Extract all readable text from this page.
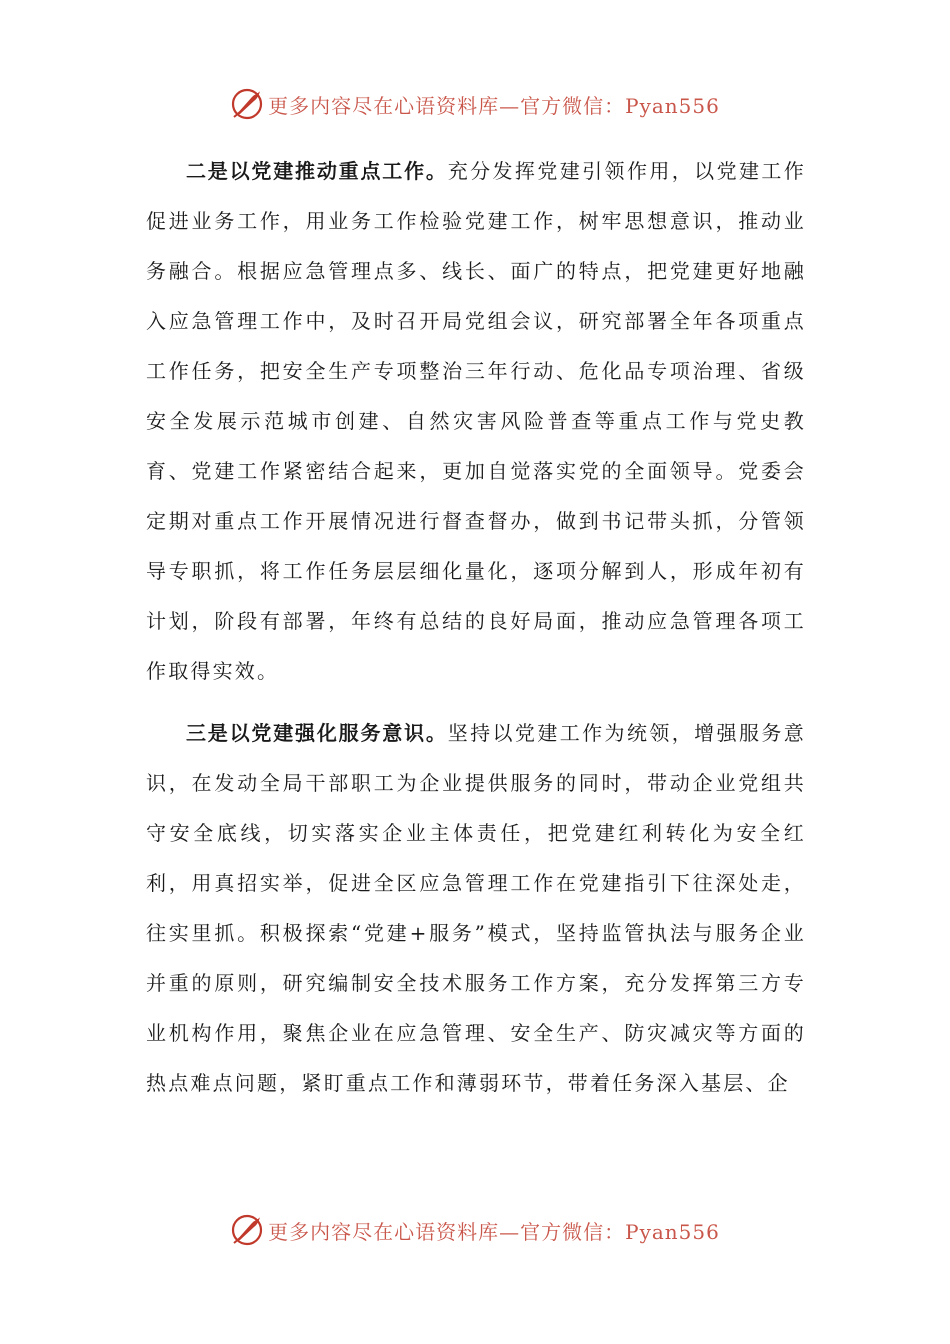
更多内容尽在心语资料库—官方微信：Pyan556

二是以党建推动重点工作。充分发挥党建引领作用，以党建工作促进业务工作，用业务工作检验党建工作，树牢思想意识，推动业务融合。根据应急管理点多、线长、面广的特点，把党建更好地融入应急管理工作中，及时召开局党组会议，研究部署全年各项重点工作任务，把安全生产专项整治三年行动、危化品专项治理、省级安全发展示范城市创建、自然灾害风险普查等重点工作与党史教育、党建工作紧密结合起来，更加自觉落实党的全面领导。党委会定期对重点工作开展情况进行督查督办，做到书记带头抓，分管领导专职抓，将工作任务层层细化量化，逐项分解到人，形成年初有计划，阶段有部署，年终有总结的良好局面，推动应急管理各项工作取得实效。

三是以党建强化服务意识。坚持以党建工作为统领，增强服务意识，在发动全局干部职工为企业提供服务的同时，带动企业党组共守安全底线，切实落实企业主体责任，把党建红利转化为安全红利，用真招实举，促进全区应急管理工作在党建指引下往深处走，往实里抓。积极探索“党建+服务”模式，坚持监管执法与服务企业并重的原则，研究编制安全技术服务工作方案，充分发挥第三方专业机构作用，聚焦企业在应急管理、安全生产、防灾减灾等方面的热点难点问题，紧盯重点工作和薄弱环节，带着任务深入基层、企

更多内容尽在心语资料库—官方微信：Pyan556
